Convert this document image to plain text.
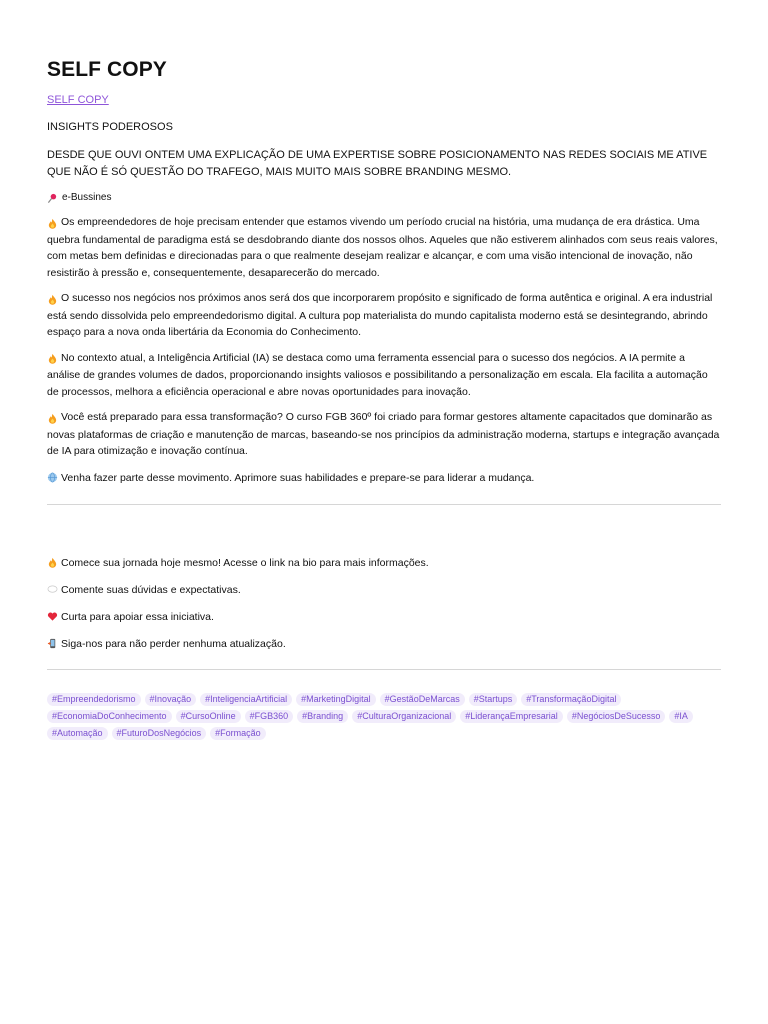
SELF COPY
SELF COPY
INSIGHTS PODEROSOS
DESDE QUE OUVI ONTEM UMA EXPLICAÇÃO DE UMA EXPERTISE SOBRE POSICIONAMENTO NAS REDES SOCIAIS ME ATIVE QUE NÃO É SÓ QUESTÃO DO TRAFEGO, MAIS MUITO MAIS SOBRE BRANDING MESMO.
e-Bussines
Os empreendedores de hoje precisam entender que estamos vivendo um período crucial na história, uma mudança de era drástica. Uma quebra fundamental de paradigma está se desdobrando diante dos nossos olhos. Aqueles que não estiverem alinhados com seus reais valores, com metas bem definidas e direcionadas para o que realmente desejam realizar e alcançar, e com uma visão intencional de inovação, não resistirão à pressão e, consequentemente, desaparecerão do mercado.
O sucesso nos negócios nos próximos anos será dos que incorporarem propósito e significado de forma autêntica e original. A era industrial está sendo dissolvida pelo empreendedorismo digital. A cultura pop materialista do mundo capitalista moderno está se desintegrando, abrindo espaço para a nova onda libertária da Economia do Conhecimento.
No contexto atual, a Inteligência Artificial (IA) se destaca como uma ferramenta essencial para o sucesso dos negócios. A IA permite a análise de grandes volumes de dados, proporcionando insights valiosos e possibilitando a personalização em escala. Ela facilita a automação de processos, melhora a eficiência operacional e abre novas oportunidades para inovação.
Você está preparado para essa transformação? O curso FGB 360º foi criado para formar gestores altamente capacitados que dominarão as novas plataformas de criação e manutenção de marcas, baseando-se nos princípios da administração moderna, startups e integração avançada de IA para otimização e inovação contínua.
Venha fazer parte desse movimento. Aprimore suas habilidades e prepare-se para liderar a mudança.
Comece sua jornada hoje mesmo! Acesse o link na bio para mais informações.
Comente suas dúvidas e expectativas.
Curta para apoiar essa iniciativa.
Siga-nos para não perder nenhuma atualização.
#Empreendedorismo	#Inovação	#InteligenciaArtificial	#MarketingDigital	#GestãoDeMarcas	#Startups	#TransformaçãoDigital
#EconomiaDoConhecimento	#CursoOnline	#FGB360	#Branding	#CulturaOrganizacional	#LiderançaEmpresarial	#NegóciosDeSucesso	#IA
#Automação	#FuturoDosNegócios	#Formação
